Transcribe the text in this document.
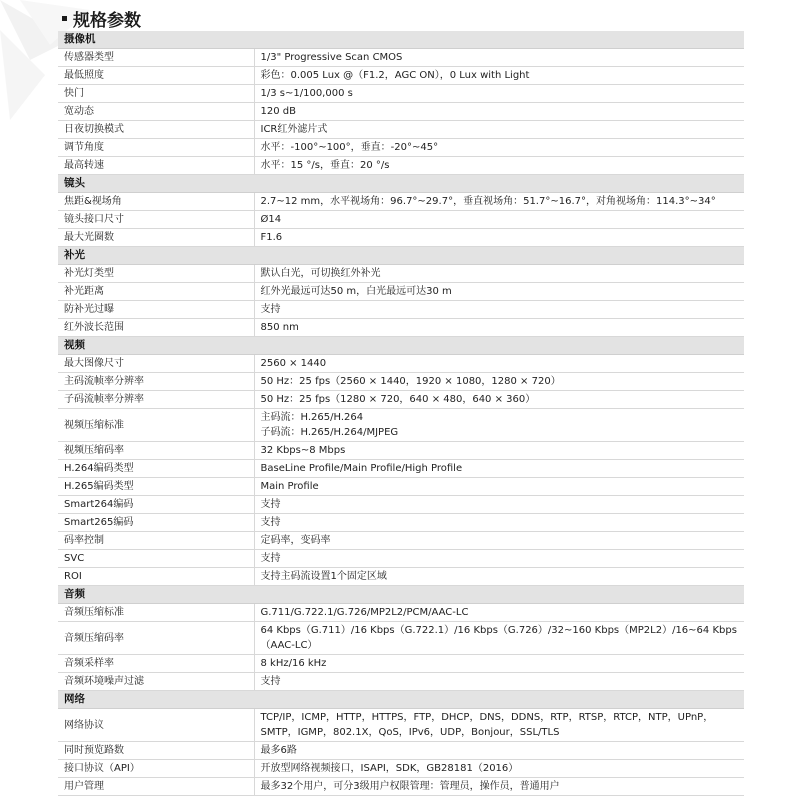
规格参数
摄像机	
传感器类型	1/3" Progressive Scan CMOS

最低照度	彩色：0.005 Lux @（F1.2，AGC ON），0 Lux with Light

快门	1/3 s~1/100,000 s

宽动态	120 dB

日夜切换模式	ICR红外滤片式

调节角度	水平：-100°~100°，垂直：-20°~45°

最高转速	水平：15 °/s，垂直：20 °/s

镜头	
焦距&视场角	2.7~12 mm，水平视场角：96.7°~29.7°，垂直视场角：51.7°~16.7°，对角视场角：114.3°~34°

镜头接口尺寸	Ø14

最大光圈数	F1.6

补光	
补光灯类型	默认白光，可切换红外补光

补光距离	红外光最远可达50 m，白光最远可达30 m

防补光过曝	支持

红外波长范围	850 nm

视频	
最大图像尺寸	2560 × 1440

主码流帧率分辨率	50 Hz：25 fps（2560 × 1440，1920 × 1080，1280 × 720）

子码流帧率分辨率	50 Hz：25 fps（1280 × 720，640 × 480，640 × 360）

视频压缩标准	主码流：H.265/H.264
子码流：H.265/H.264/MJPEG

视频压缩码率	32 Kbps~8 Mbps

H.264编码类型	BaseLine Profile/Main Profile/High Profile

H.265编码类型	Main Profile

Smart264编码	支持

Smart265编码	支持

码率控制	定码率，变码率

SVC	支持

ROI	支持主码流设置1个固定区域

音频	
音频压缩标准	G.711/G.722.1/G.726/MP2L2/PCM/AAC-LC

音频压缩码率	64 Kbps（G.711）/16 Kbps（G.722.1）/16 Kbps（G.726）/32~160 Kbps（MP2L2）/16~64 Kbps
（AAC-LC）

音频采样率	8 kHz/16 kHz

音频环境噪声过滤	支持

网络	
网络协议	TCP/IP，ICMP，HTTP，HTTPS，FTP，DHCP，DNS，DDNS，RTP，RTSP，RTCP，NTP，UPnP，
SMTP，IGMP，802.1X，QoS，IPv6，UDP，Bonjour，SSL/TLS

同时预览路数	最多6路

接口协议（API）	开放型网络视频接口，ISAPI，SDK，GB28181（2016）

用户管理	最多32个用户，可分3级用户权限管理：管理员，操作员，普通用户
